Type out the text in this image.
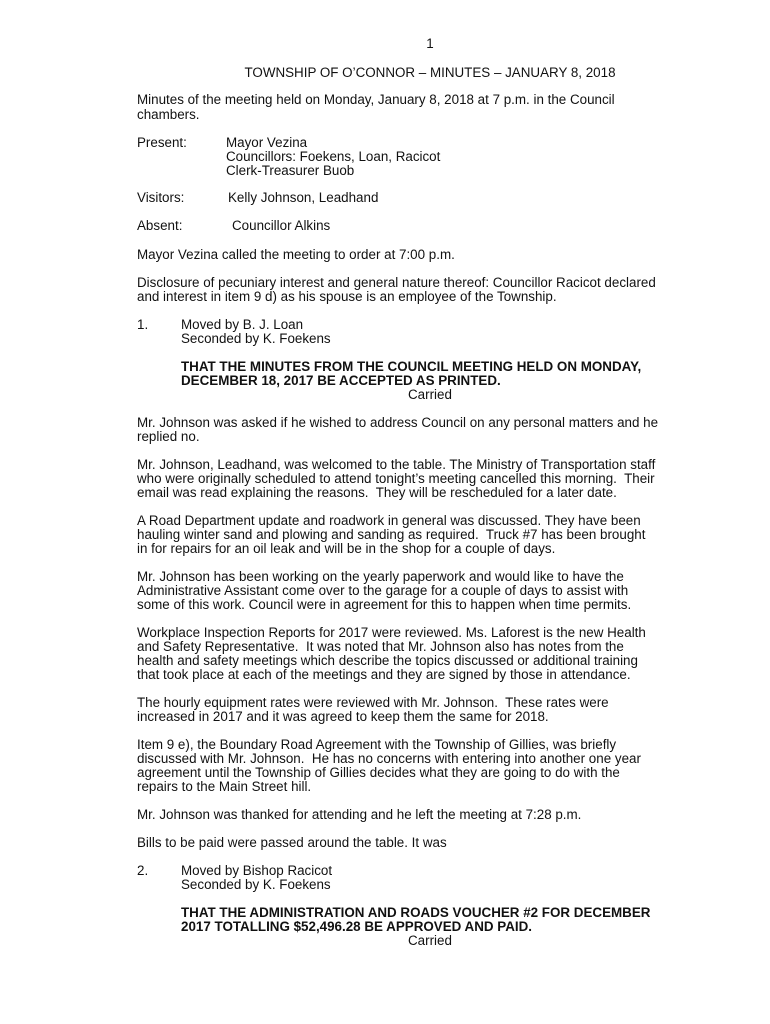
1
TOWNSHIP OF O’CONNOR – MINUTES – JANUARY 8, 2018
Minutes of the meeting held on Monday, January 8, 2018 at 7 p.m. in the Council
chambers.
Present:	Mayor Vezina
Councillors: Foekens, Loan, Racicot
Clerk-Treasurer Buob
Visitors:	Kelly Johnson, Leadhand
Absent:	Councillor Alkins
Mayor Vezina called the meeting to order at 7:00 p.m.
Disclosure of pecuniary interest and general nature thereof: Councillor Racicot declared
and interest in item 9 d) as his spouse is an employee of the Township.
1. Moved by B. J. Loan
Seconded by K. Foekens
THAT THE MINUTES FROM THE COUNCIL MEETING HELD ON MONDAY,
DECEMBER 18, 2017 BE ACCEPTED AS PRINTED.
Carried
Mr. Johnson was asked if he wished to address Council on any personal matters and he
replied no.
Mr. Johnson, Leadhand, was welcomed to the table. The Ministry of Transportation staff
who were originally scheduled to attend tonight’s meeting cancelled this morning.  Their
email was read explaining the reasons.  They will be rescheduled for a later date.
A Road Department update and roadwork in general was discussed. They have been
hauling winter sand and plowing and sanding as required.  Truck #7 has been brought
in for repairs for an oil leak and will be in the shop for a couple of days.
Mr. Johnson has been working on the yearly paperwork and would like to have the
Administrative Assistant come over to the garage for a couple of days to assist with
some of this work. Council were in agreement for this to happen when time permits.
Workplace Inspection Reports for 2017 were reviewed. Ms. Laforest is the new Health
and Safety Representative.  It was noted that Mr. Johnson also has notes from the
health and safety meetings which describe the topics discussed or additional training
that took place at each of the meetings and they are signed by those in attendance.
The hourly equipment rates were reviewed with Mr. Johnson.  These rates were
increased in 2017 and it was agreed to keep them the same for 2018.
Item 9 e), the Boundary Road Agreement with the Township of Gillies, was briefly
discussed with Mr. Johnson.  He has no concerns with entering into another one year
agreement until the Township of Gillies decides what they are going to do with the
repairs to the Main Street hill.
Mr. Johnson was thanked for attending and he left the meeting at 7:28 p.m.
Bills to be paid were passed around the table. It was
2. Moved by Bishop Racicot
Seconded by K. Foekens
THAT THE ADMINISTRATION AND ROADS VOUCHER #2 FOR DECEMBER
2017 TOTALLING $52,496.28 BE APPROVED AND PAID.
Carried
